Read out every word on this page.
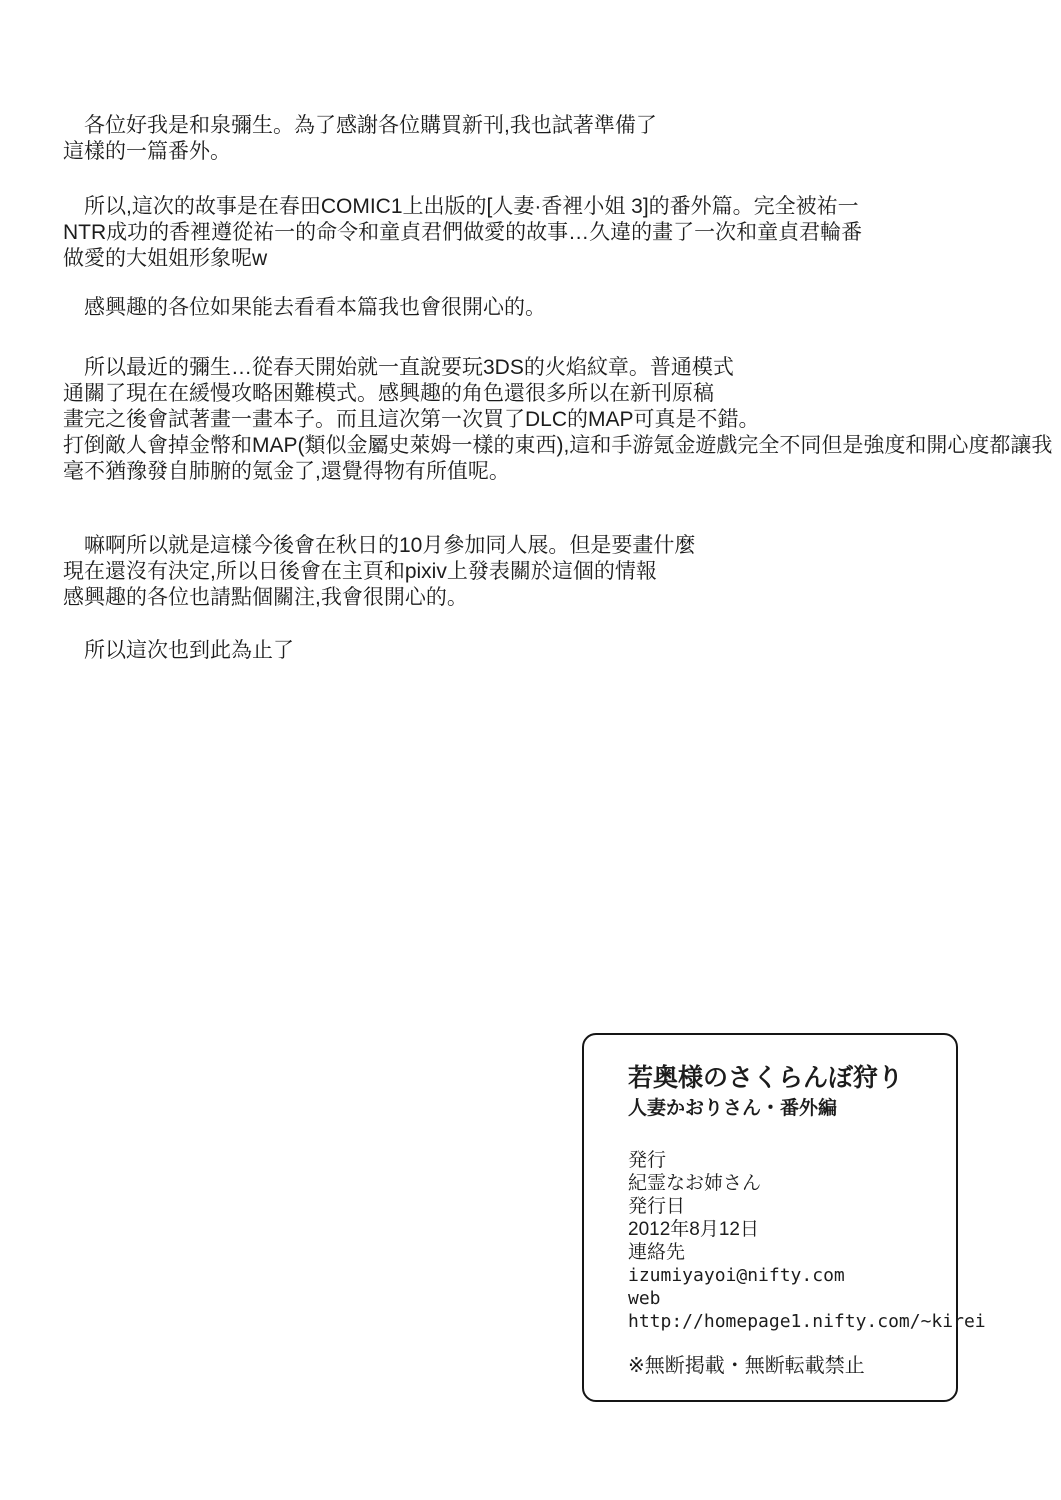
　各位好我是和泉彌生。為了感謝各位購買新刊,我也試著準備了
這樣的一篇番外。

　所以,這次的故事是在春田COMIC1上出版的[人妻·香裡小姐 3]的番外篇。完全被祐一
NTR成功的香裡遵從祐一的命令和童貞君們做愛的故事…久違的畫了一次和童貞君輪番
做愛的大姐姐形象呢w

　感興趣的各位如果能去看看本篇我也會很開心的。

　所以最近的彌生…從春天開始就一直說要玩3DS的火焰紋章。普通模式
通關了現在在緩慢攻略困難模式。感興趣的角色還很多所以在新刊原稿
畫完之後會試著畫一畫本子。而且這次第一次買了DLC的MAP可真是不錯。
打倒敵人會掉金幣和MAP(類似金屬史萊姆一樣的東西),這和手游氪金遊戲完全不同但是強度和開心度都讓我
毫不猶豫發自肺腑的氪金了,還覺得物有所值呢。

　嘛啊所以就是這樣今後會在秋日的10月參加同人展。但是要畫什麼
現在還沒有決定,所以日後會在主頁和pixiv上發表關於這個的情報
感興趣的各位也請點個關注,我會很開心的。

　所以這次也到此為止了

若奥様のさくらんぼ狩り
人妻かおりさん・番外編
発行
紀霊なお姉さん
発行日
2012年8月12日
連絡先
izumiyayoi@nifty.com
web
http://homepage1.nifty.com/~kirei
※無断掲載・無断転載禁止
